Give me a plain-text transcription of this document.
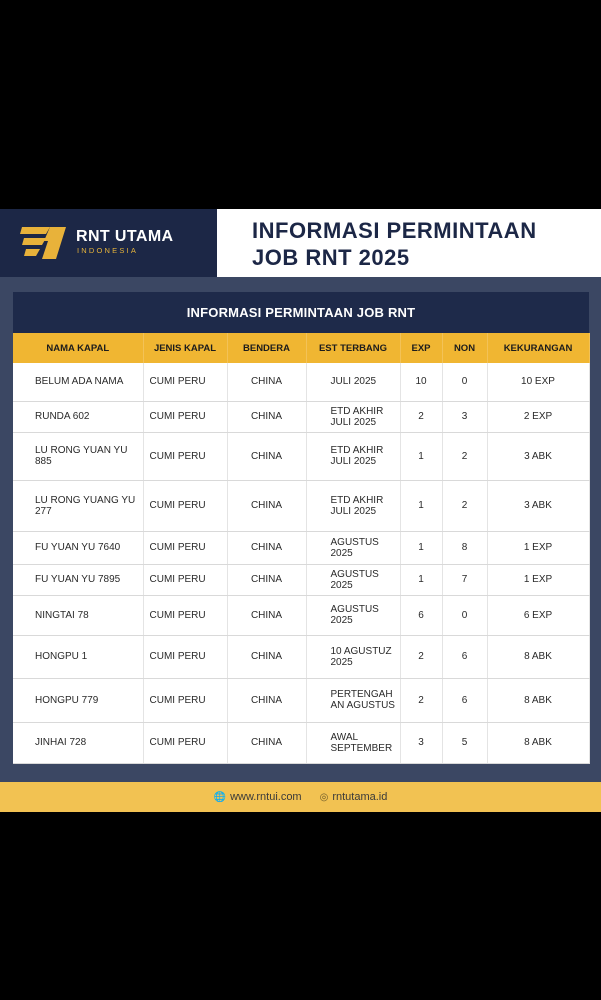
RNT UTAMA
INDONESIA
INFORMASI PERMINTAAN
JOB RNT 2025
INFORMASI PERMINTAAN JOB RNT
NAMA KAPAL	JENIS KAPAL	BENDERA	EST TERBANG	EXP	NON	KEKURANGAN
BELUM ADA NAMA	CUMI PERU	CHINA	JULI 2025	10	0	10 EXP
RUNDA 602	CUMI PERU	CHINA	ETD AKHIR JULI 2025	2	3	2 EXP
LU RONG YUAN YU 885	CUMI PERU	CHINA	ETD AKHIR JULI 2025	1	2	3 ABK
LU RONG YUANG YU 277	CUMI PERU	CHINA	ETD AKHIR JULI 2025	1	2	3 ABK
FU YUAN YU 7640	CUMI PERU	CHINA	AGUSTUS 2025	1	8	1 EXP
FU YUAN YU 7895	CUMI PERU	CHINA	AGUSTUS 2025	1	7	1 EXP
NINGTAI 78	CUMI PERU	CHINA	AGUSTUS 2025	6	0	6 EXP
HONGPU 1	CUMI PERU	CHINA	10 AGUSTUZ 2025	2	6	8 ABK
HONGPU 779	CUMI PERU	CHINA	PERTENGAH AN AGUSTUS	2	6	8 ABK
JINHAI 728	CUMI PERU	CHINA	AWAL SEPTEMBER	3	5	8 ABK
🌐 www.rntui.com ◎ rntutama.id
